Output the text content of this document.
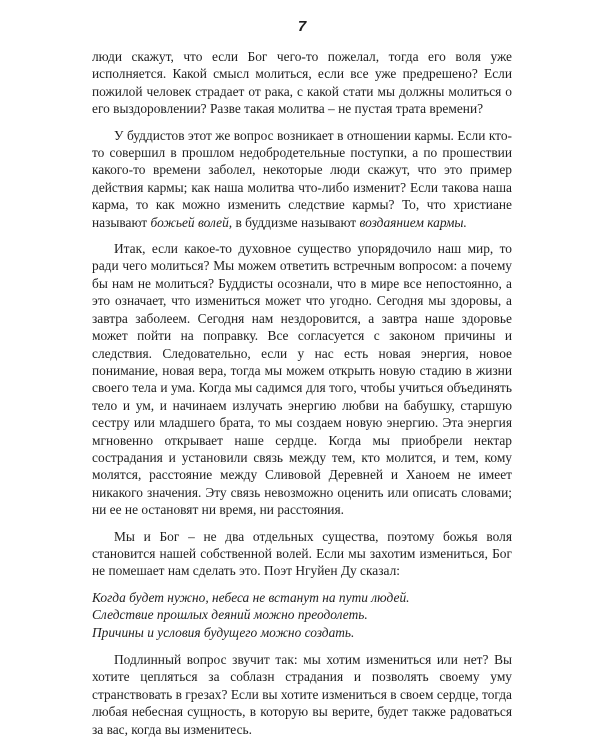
7

люди скажут, что если Бог чего-то пожелал, тогда его воля уже исполняется. Какой смысл молиться, если все уже предрешено? Если пожилой человек страдает от рака, с какой стати мы должны молиться о его выздоровлении? Разве такая молитва – не пустая трата времени?

У буддистов этот же вопрос возникает в отношении кармы. Если кто-то совершил в прошлом недобродетельные поступки, а по прошествии какого-то времени заболел, некоторые люди скажут, что это пример действия кармы; как наша молитва что-либо изменит? Если такова наша карма, то как можно изменить следствие кармы? То, что христиане называют божьей волей, в буддизме называют воздаянием кармы.

Итак, если какое-то духовное существо упорядочило наш мир, то ради чего молиться? Мы можем ответить встречным вопросом: а почему бы нам не молиться? Буддисты осознали, что в мире все непостоянно, а это означает, что измениться может что угодно. Сегодня мы здоровы, а завтра заболеем. Сегодня нам нездоровится, а завтра наше здоровье может пойти на поправку. Все согласуется с законом причины и следствия. Следовательно, если у нас есть новая энергия, новое понимание, новая вера, тогда мы можем открыть новую стадию в жизни своего тела и ума. Когда мы садимся для того, чтобы учиться объединять тело и ум, и начинаем излучать энергию любви на бабушку, старшую сестру или младшего брата, то мы создаем новую энергию. Эта энергия мгновенно открывает наше сердце. Когда мы приобрели нектар сострадания и установили связь между тем, кто молится, и тем, кому молятся, расстояние между Сливовой Деревней и Ханоем не имеет никакого значения. Эту связь невозможно оценить или описать словами; ни ее не остановят ни время, ни расстояния.

Мы и Бог – не два отдельных существа, поэтому божья воля становится нашей собственной волей. Если мы захотим измениться, Бог не помешает нам сделать это. Поэт Нгуйен Ду сказал:

Когда будет нужно, небеса не встанут на пути людей.
Следствие прошлых деяний можно преодолеть.
Причины и условия будущего можно создать.

Подлинный вопрос звучит так: мы хотим измениться или нет? Вы хотите цепляться за соблазн страдания и позволять своему уму странствовать в грезах? Если вы хотите измениться в своем сердце, тогда любая небесная сущность, в которую вы верите, будет также радоваться за вас, когда вы изменитесь.
